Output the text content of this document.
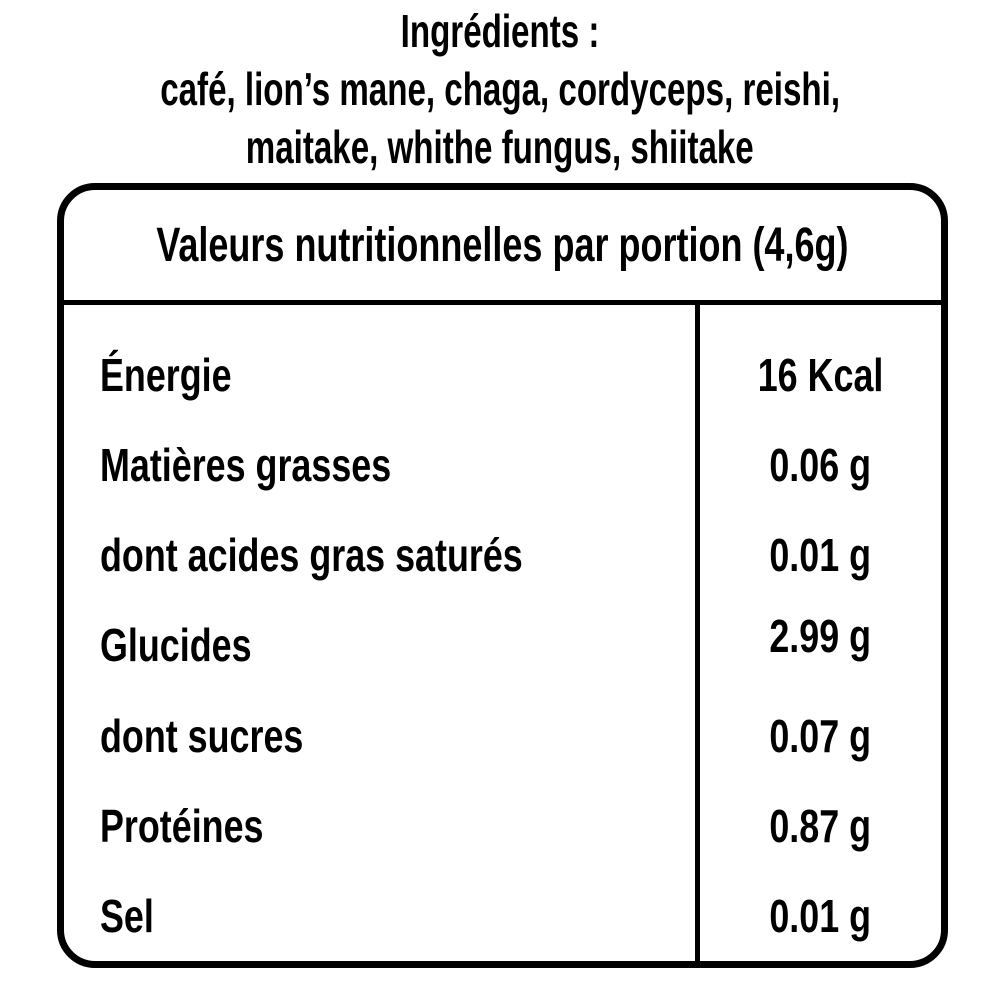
Ingrédients :
café, lion’s mane, chaga, cordyceps, reishi,
maitake, whithe fungus, shiitake
Valeurs nutritionnelles par portion (4,6g)
Énergie	16 Kcal
Matières grasses	0.06 g
dont acides gras saturés	0.01 g
Glucides	2.99 g
dont sucres	0.07 g
Protéines	0.87 g
Sel	0.01 g
